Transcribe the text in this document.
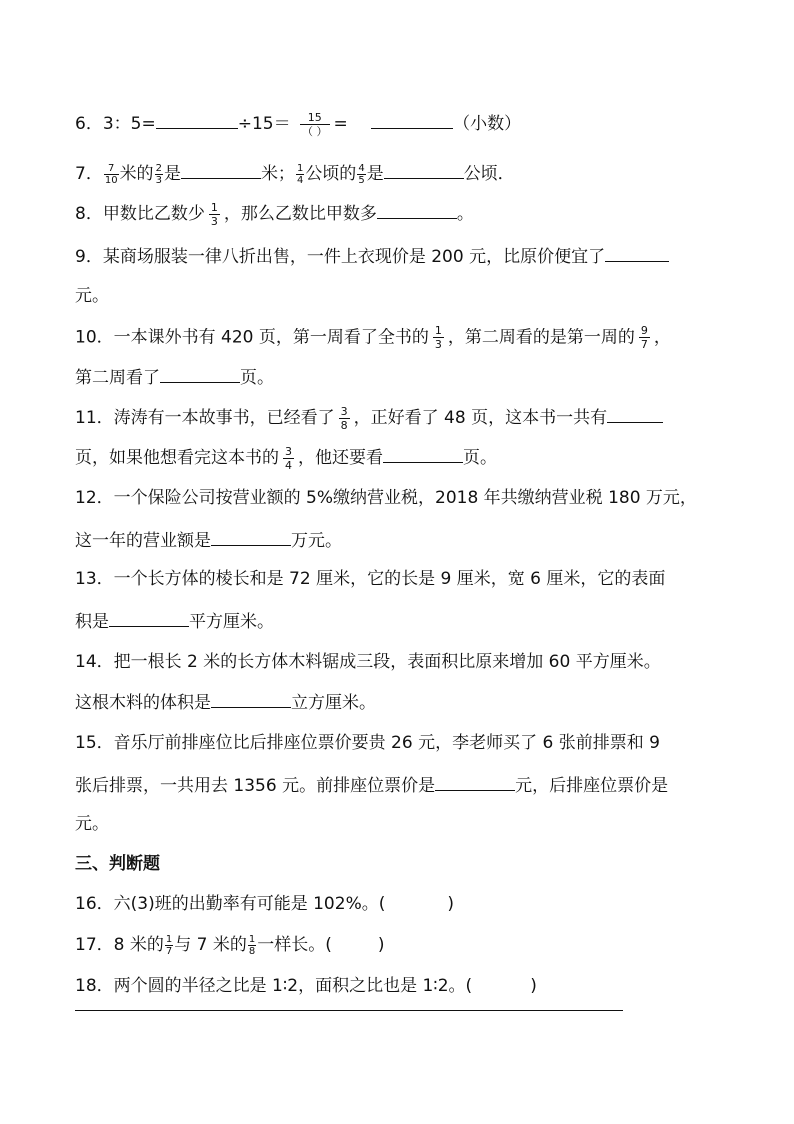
6．3：5=	$\div 15= \frac{15}{( )}$ =	（小数）
7． $\frac{7}{10}$ 米的 $\frac{2}{3}$ 是	米； $\frac{1}{4}$ 公顷的 $\frac{4}{5}$ 是	公顷．
8．甲数比乙数少 $\frac{1}{3}$ ，那么乙数比甲数多	。
9．某商场服装一律八折出售，一件上衣现价是 200 元，比原价便宜了
元。
10．一本课外书有 420 页，第一周看了全书的 $\frac{1}{3}$ ，第二周看的是第一周的 $\frac{9}{7}$ ，
第二周看了	页。
11．涛涛有一本故事书，已经看了 $\frac{3}{8}$ ，正好看了 48 页，这本书一共有
页，如果他想看完这本书的 $\frac{3}{4}$ ，他还要看	页。
12．一个保险公司按营业额的 5%缴纳营业税，2018 年共缴纳营业税 180 万元，
这一年的营业额是	万元。
13．一个长方体的棱长和是 72 厘米，它的长是 9 厘米，宽 6 厘米，它的表面
积是	平方厘米。
14．把一根长 2 米的长方体木料锯成三段，表面积比原来增加 60 平方厘米。
这根木料的体积是	立方厘米。
15．音乐厅前排座位比后排座位票价要贵 26 元，李老师买了 6 张前排票和 9
张后排票，一共用去 1356 元。前排座位票价是	元，后排座位票价是
元。
三、判断题
16．六(3)班的出勤率有可能是 102%。(	)
17．8 米的 $\frac{1}{7}$ 与 7 米的 $\frac{1}{8}$ 一样长。(	)
18．两个圆的半径之比是 1∶2，面积之比也是 1∶2。(	)
